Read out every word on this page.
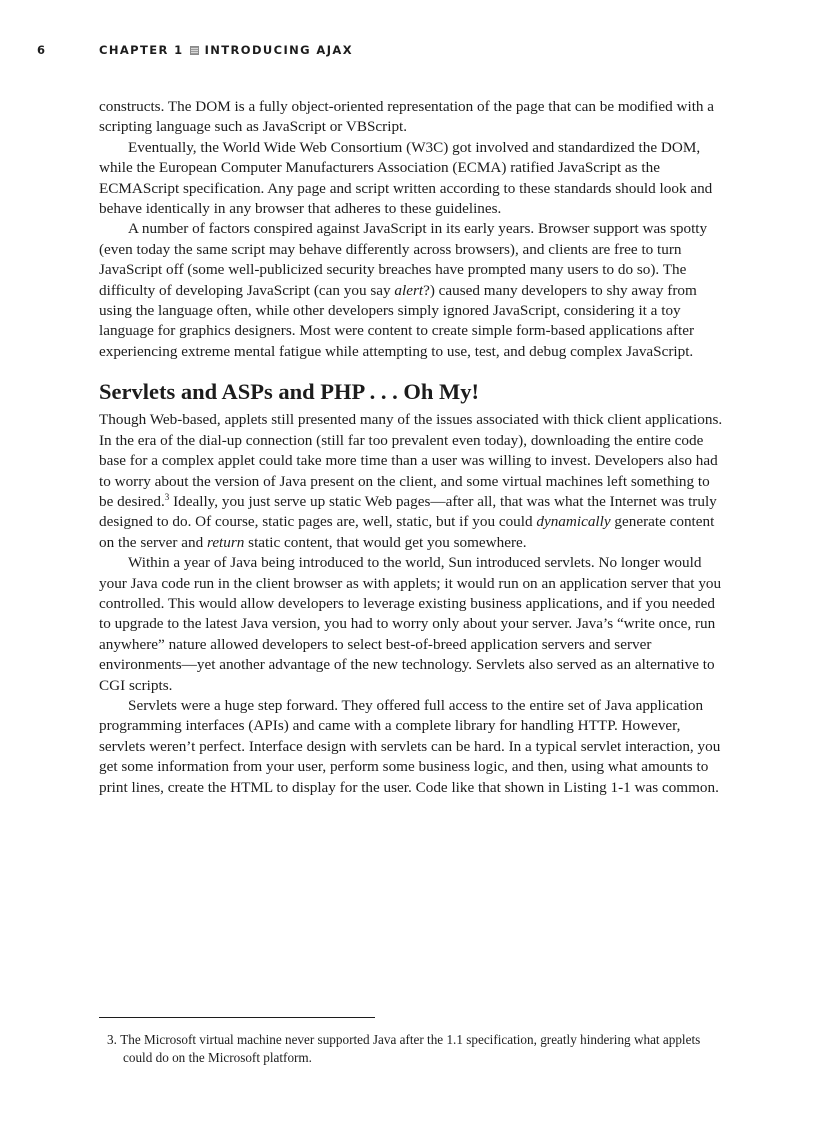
6	CHAPTER 1 INTRODUCING AJAX

constructs. The DOM is a fully object-oriented representation of the page that can be modified with a scripting language such as JavaScript or VBScript.

Eventually, the World Wide Web Consortium (W3C) got involved and standardized the DOM, while the European Computer Manufacturers Association (ECMA) ratified JavaScript as the ECMAScript specification. Any page and script written according to these standards should look and behave identically in any browser that adheres to these guidelines.

A number of factors conspired against JavaScript in its early years. Browser support was spotty (even today the same script may behave differently across browsers), and clients are free to turn JavaScript off (some well-publicized security breaches have prompted many users to do so). The difficulty of developing JavaScript (can you say alert?) caused many developers to shy away from using the language often, while other developers simply ignored JavaScript, considering it a toy language for graphics designers. Most were content to create simple form-based applications after experiencing extreme mental fatigue while attempting to use, test, and debug complex JavaScript.

Servlets and ASPs and PHP . . . Oh My!

Though Web-based, applets still presented many of the issues associated with thick client applications. In the era of the dial-up connection (still far too prevalent even today), downloading the entire code base for a complex applet could take more time than a user was willing to invest. Developers also had to worry about the version of Java present on the client, and some virtual machines left something to be desired.$^3$ Ideally, you just serve up static Web pages—after all, that was what the Internet was truly designed to do. Of course, static pages are, well, static, but if you could dynamically generate content on the server and return static content, that would get you somewhere.

Within a year of Java being introduced to the world, Sun introduced servlets. No longer would your Java code run in the client browser as with applets; it would run on an application server that you controlled. This would allow developers to leverage existing business applications, and if you needed to upgrade to the latest Java version, you had to worry only about your server. Java’s “write once, run anywhere” nature allowed developers to select best-of-breed application servers and server environments—yet another advantage of the new technology. Servlets also served as an alternative to CGI scripts.

Servlets were a huge step forward. They offered full access to the entire set of Java application programming interfaces (APIs) and came with a complete library for handling HTTP. However, servlets weren’t perfect. Interface design with servlets can be hard. In a typical servlet interaction, you get some information from your user, perform some business logic, and then, using what amounts to print lines, create the HTML to display for the user. Code like that shown in Listing 1-1 was common.

3. The Microsoft virtual machine never supported Java after the 1.1 specification, greatly hindering what applets could do on the Microsoft platform.
